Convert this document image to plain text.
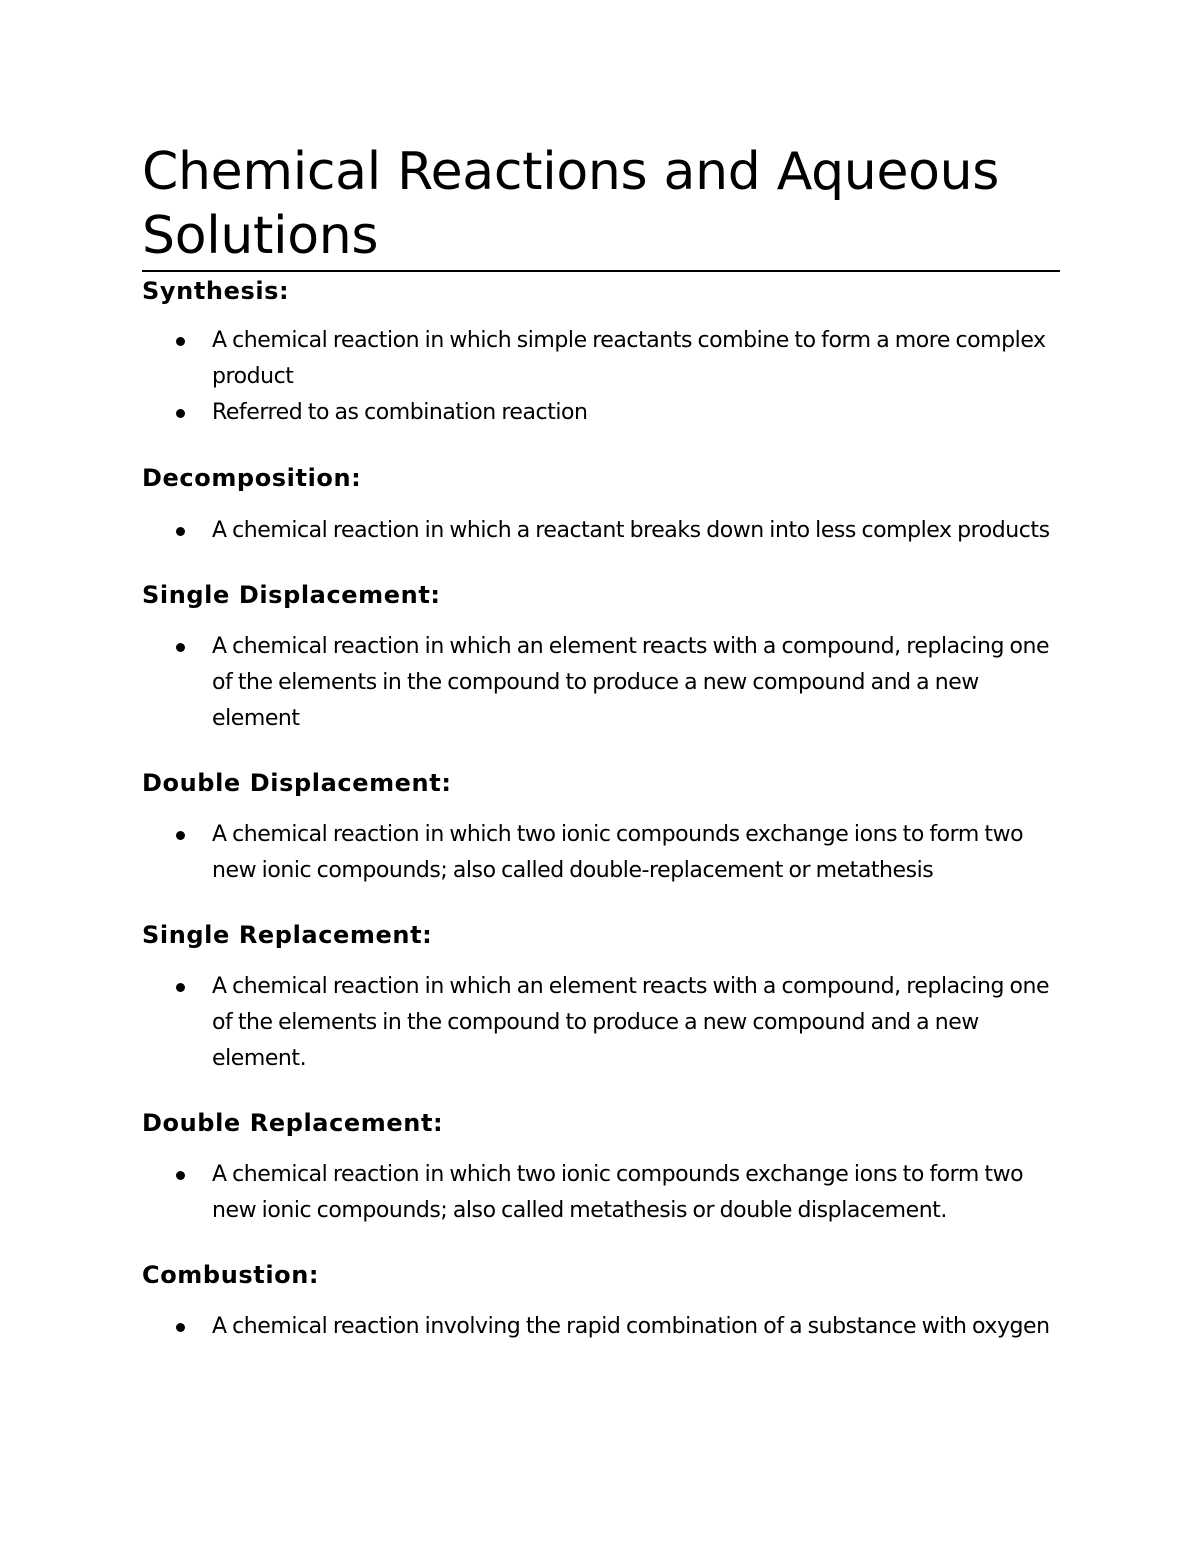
Chemical Reactions and Aqueous Solutions
Synthesis:
A chemical reaction in which simple reactants combine to form a more complex product
Referred to as combination reaction
Decomposition:
A chemical reaction in which a reactant breaks down into less complex products
Single Displacement:
A chemical reaction in which an element reacts with a compound, replacing one of the elements in the compound to produce a new compound and a new element
Double Displacement:
A chemical reaction in which two ionic compounds exchange ions to form two new ionic compounds; also called double-replacement or metathesis
Single Replacement:
A chemical reaction in which an element reacts with a compound, replacing one of the elements in the compound to produce a new compound and a new element.
Double Replacement:
A chemical reaction in which two ionic compounds exchange ions to form two new ionic compounds; also called metathesis or double displacement.
Combustion:
A chemical reaction involving the rapid combination of a substance with oxygen
